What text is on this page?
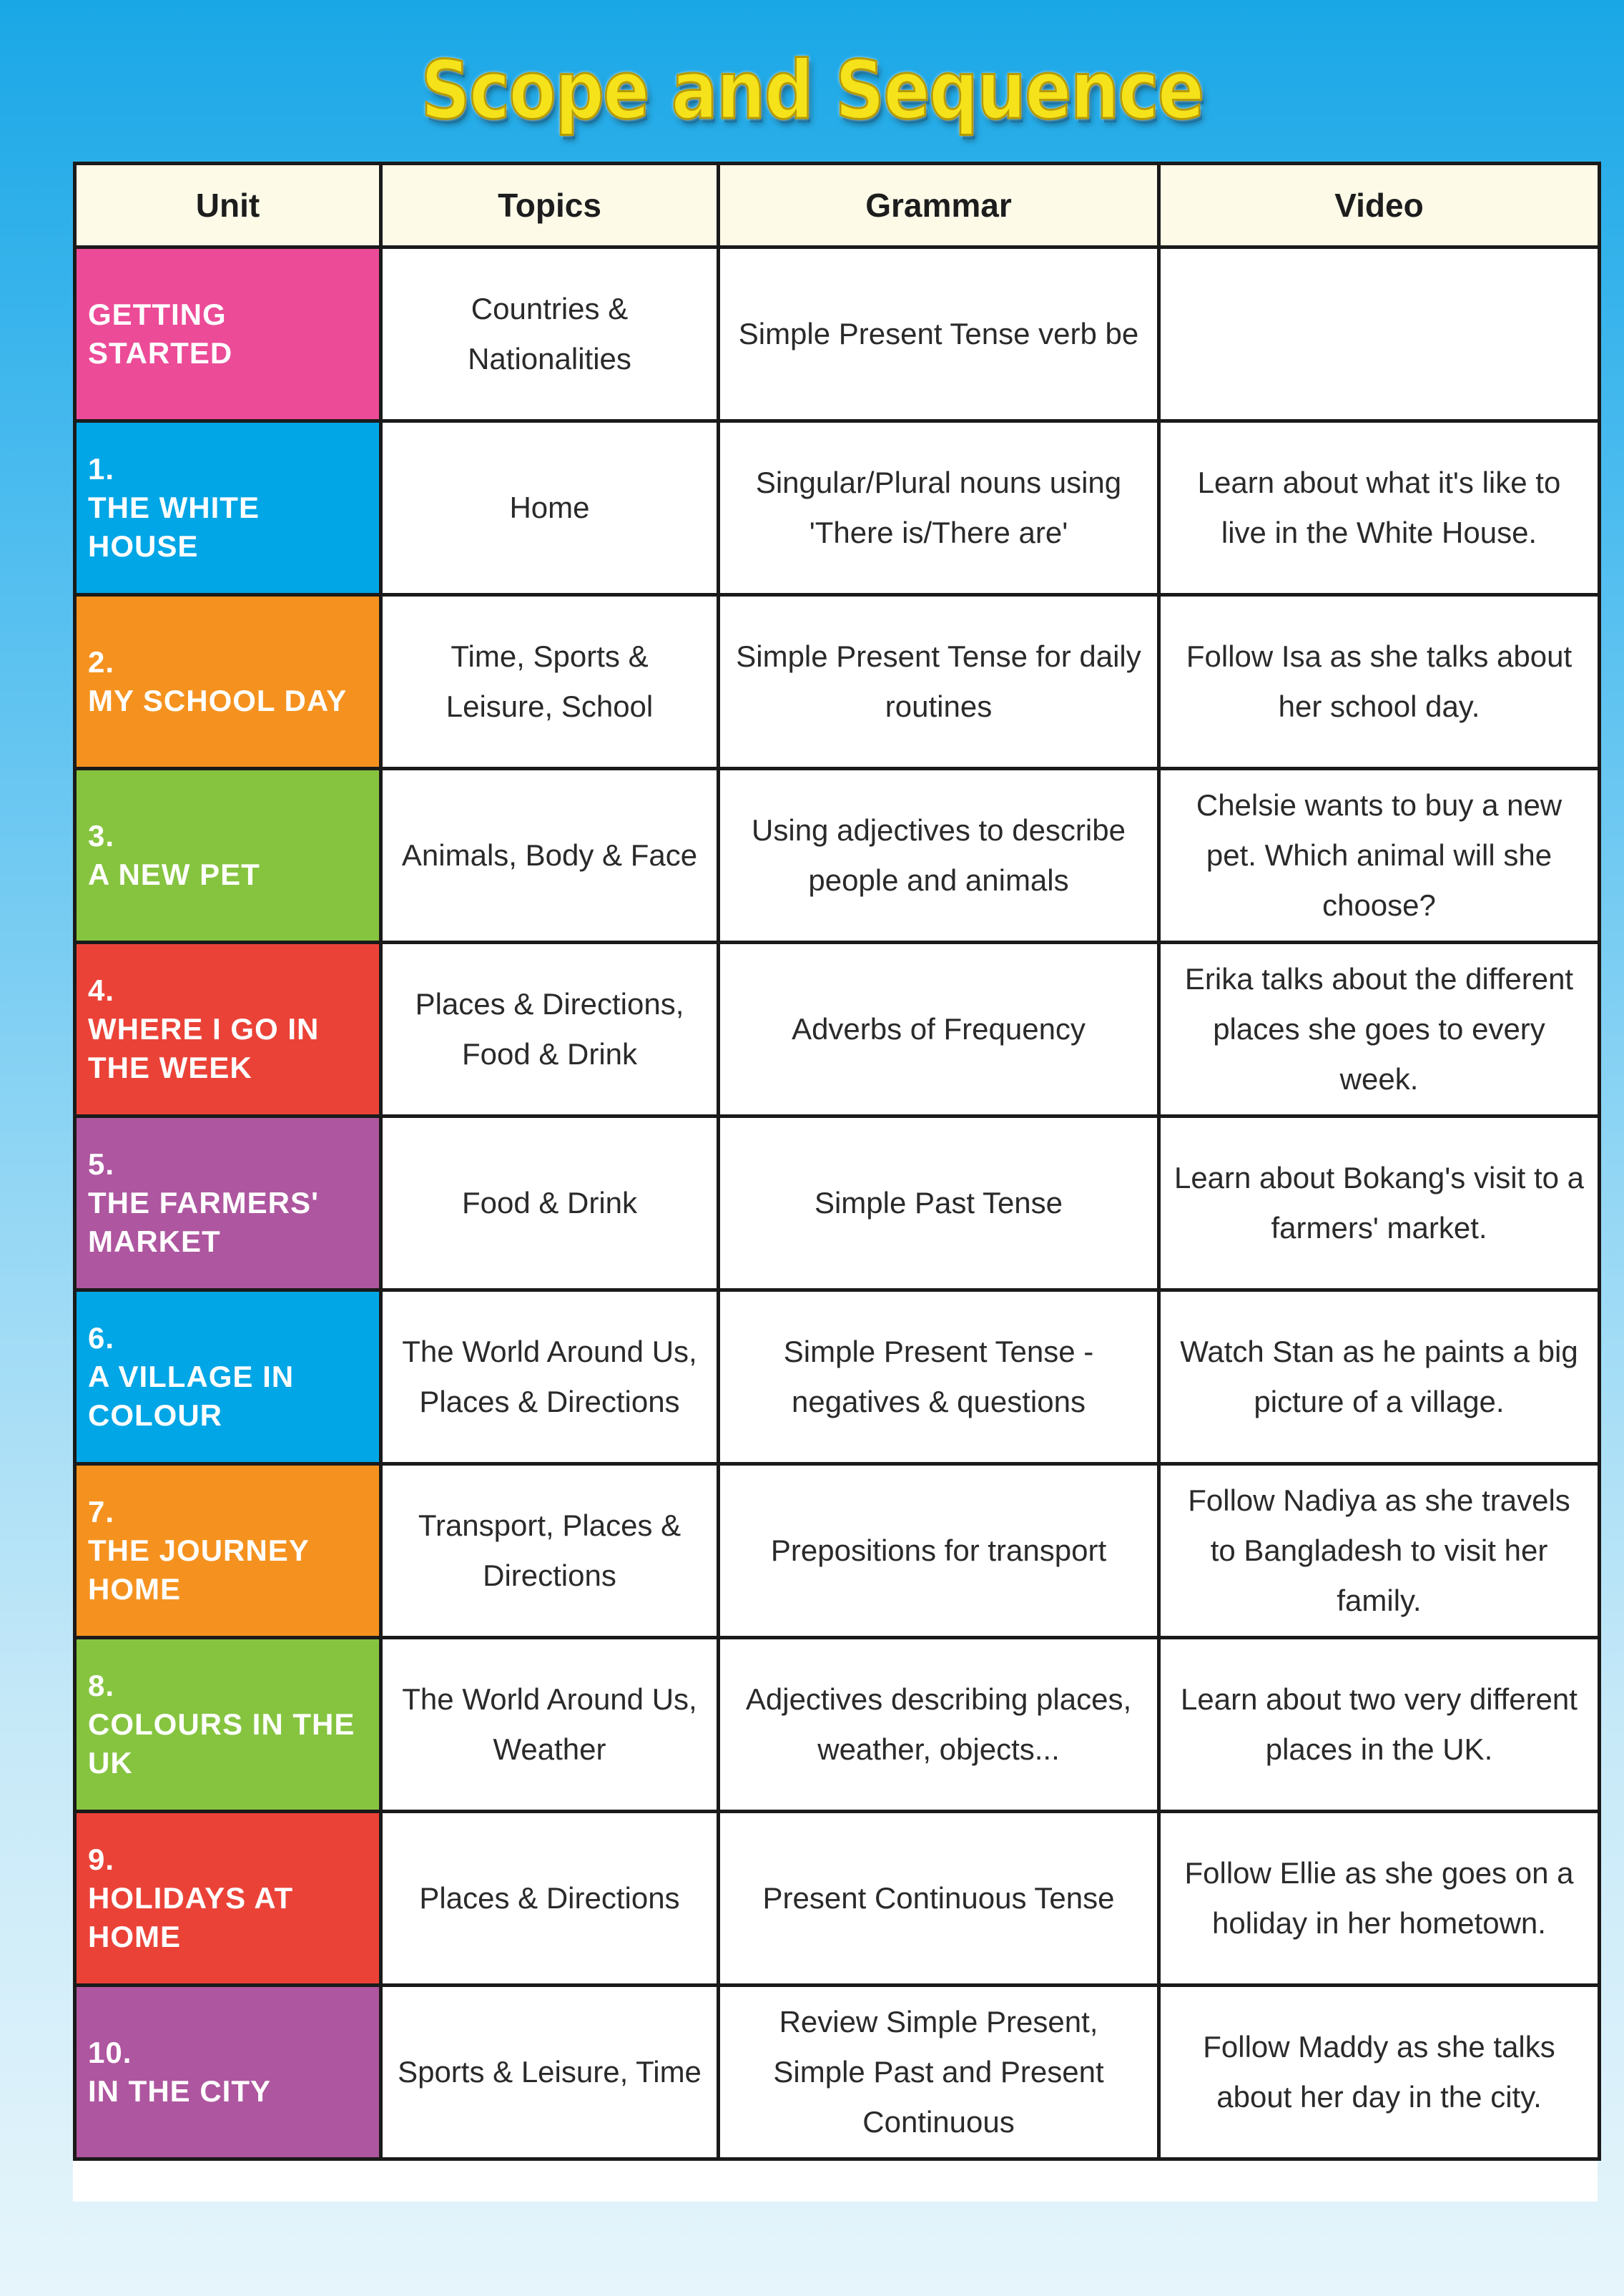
Scope and Sequence
Unit	Topics	Grammar	Video

GETTING STARTED	Countries & Nationalities	Simple Present Tense verb be	

1.
THE WHITE HOUSE	Home	Singular/Plural nouns using 'There is/There are'	Learn about what it's like to live in the White House.

2.
MY SCHOOL DAY	Time, Sports & Leisure, School	Simple Present Tense for daily routines	Follow Isa as she talks about her school day.

3.
A NEW PET	Animals, Body & Face	Using adjectives to describe people and animals	Chelsie wants to buy a new pet. Which animal will she choose?

4.
WHERE I GO IN THE WEEK	Places & Directions, Food & Drink	Adverbs of Frequency	Erika talks about the different places she goes to every week.

5.
THE FARMERS' MARKET	Food & Drink	Simple Past Tense	Learn about Bokang's visit to a farmers' market.

6.
A VILLAGE IN COLOUR	The World Around Us, Places & Directions	Simple Present Tense - negatives & questions	Watch Stan as he paints a big picture of a village.

7.
THE JOURNEY HOME	Transport, Places & Directions	Prepositions for transport	Follow Nadiya as she travels to Bangladesh to visit her family.

8.
COLOURS IN THE UK	The World Around Us, Weather	Adjectives describing places, weather, objects...	Learn about two very different places in the UK.

9.
HOLIDAYS AT HOME	Places & Directions	Present Continuous Tense	Follow Ellie as she goes on a holiday in her hometown.

10.
IN THE CITY	Sports & Leisure, Time	Review Simple Present, Simple Past and Present Continuous	Follow Maddy as she talks about her day in the city.
